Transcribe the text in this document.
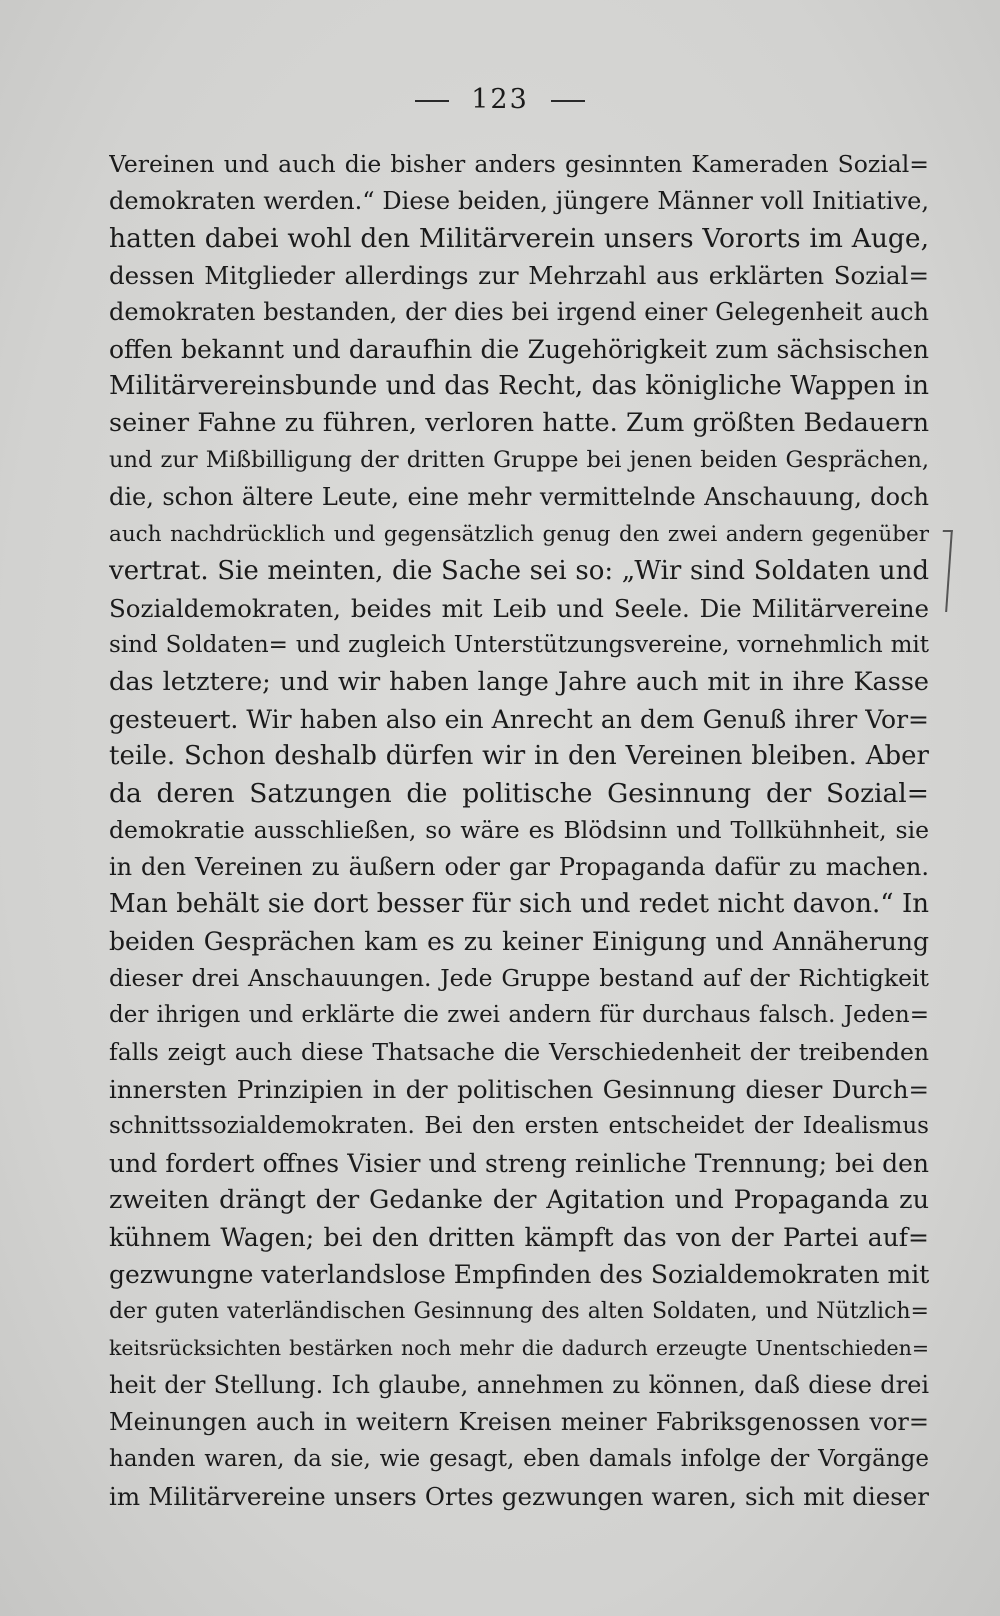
123
Vereinen und auch die bisher anders gesinnten Kameraden Sozial=
demokraten werden.“ Diese beiden, jüngere Männer voll Initiative,
hatten dabei wohl den Militärverein unsers Vororts im Auge,
dessen Mitglieder allerdings zur Mehrzahl aus erklärten Sozial=
demokraten bestanden, der dies bei irgend einer Gelegenheit auch
offen bekannt und daraufhin die Zugehörigkeit zum sächsischen
Militärvereinsbunde und das Recht, das königliche Wappen in
seiner Fahne zu führen, verloren hatte. Zum größten Bedauern
und zur Mißbilligung der dritten Gruppe bei jenen beiden Gesprächen,
die, schon ältere Leute, eine mehr vermittelnde Anschauung, doch
auch nachdrücklich und gegensätzlich genug den zwei andern gegenüber
vertrat. Sie meinten, die Sache sei so: „Wir sind Soldaten und
Sozialdemokraten, beides mit Leib und Seele. Die Militärvereine
sind Soldaten= und zugleich Unterstützungsvereine, vornehmlich mit
das letztere; und wir haben lange Jahre auch mit in ihre Kasse
gesteuert. Wir haben also ein Anrecht an dem Genuß ihrer Vor=
teile. Schon deshalb dürfen wir in den Vereinen bleiben. Aber
da deren Satzungen die politische Gesinnung der Sozial=
demokratie ausschließen, so wäre es Blödsinn und Tollkühnheit, sie
in den Vereinen zu äußern oder gar Propaganda dafür zu machen.
Man behält sie dort besser für sich und redet nicht davon.“ In
beiden Gesprächen kam es zu keiner Einigung und Annäherung
dieser drei Anschauungen. Jede Gruppe bestand auf der Richtigkeit
der ihrigen und erklärte die zwei andern für durchaus falsch. Jeden=
falls zeigt auch diese Thatsache die Verschiedenheit der treibenden
innersten Prinzipien in der politischen Gesinnung dieser Durch=
schnittssozialdemokraten. Bei den ersten entscheidet der Idealismus
und fordert offnes Visier und streng reinliche Trennung; bei den
zweiten drängt der Gedanke der Agitation und Propaganda zu
kühnem Wagen; bei den dritten kämpft das von der Partei auf=
gezwungne vaterlandslose Empfinden des Sozialdemokraten mit
der guten vaterländischen Gesinnung des alten Soldaten, und Nützlich=
keitsrücksichten bestärken noch mehr die dadurch erzeugte Unentschieden=
heit der Stellung. Ich glaube, annehmen zu können, daß diese drei
Meinungen auch in weitern Kreisen meiner Fabriksgenossen vor=
handen waren, da sie, wie gesagt, eben damals infolge der Vorgänge
im Militärvereine unsers Ortes gezwungen waren, sich mit dieser
